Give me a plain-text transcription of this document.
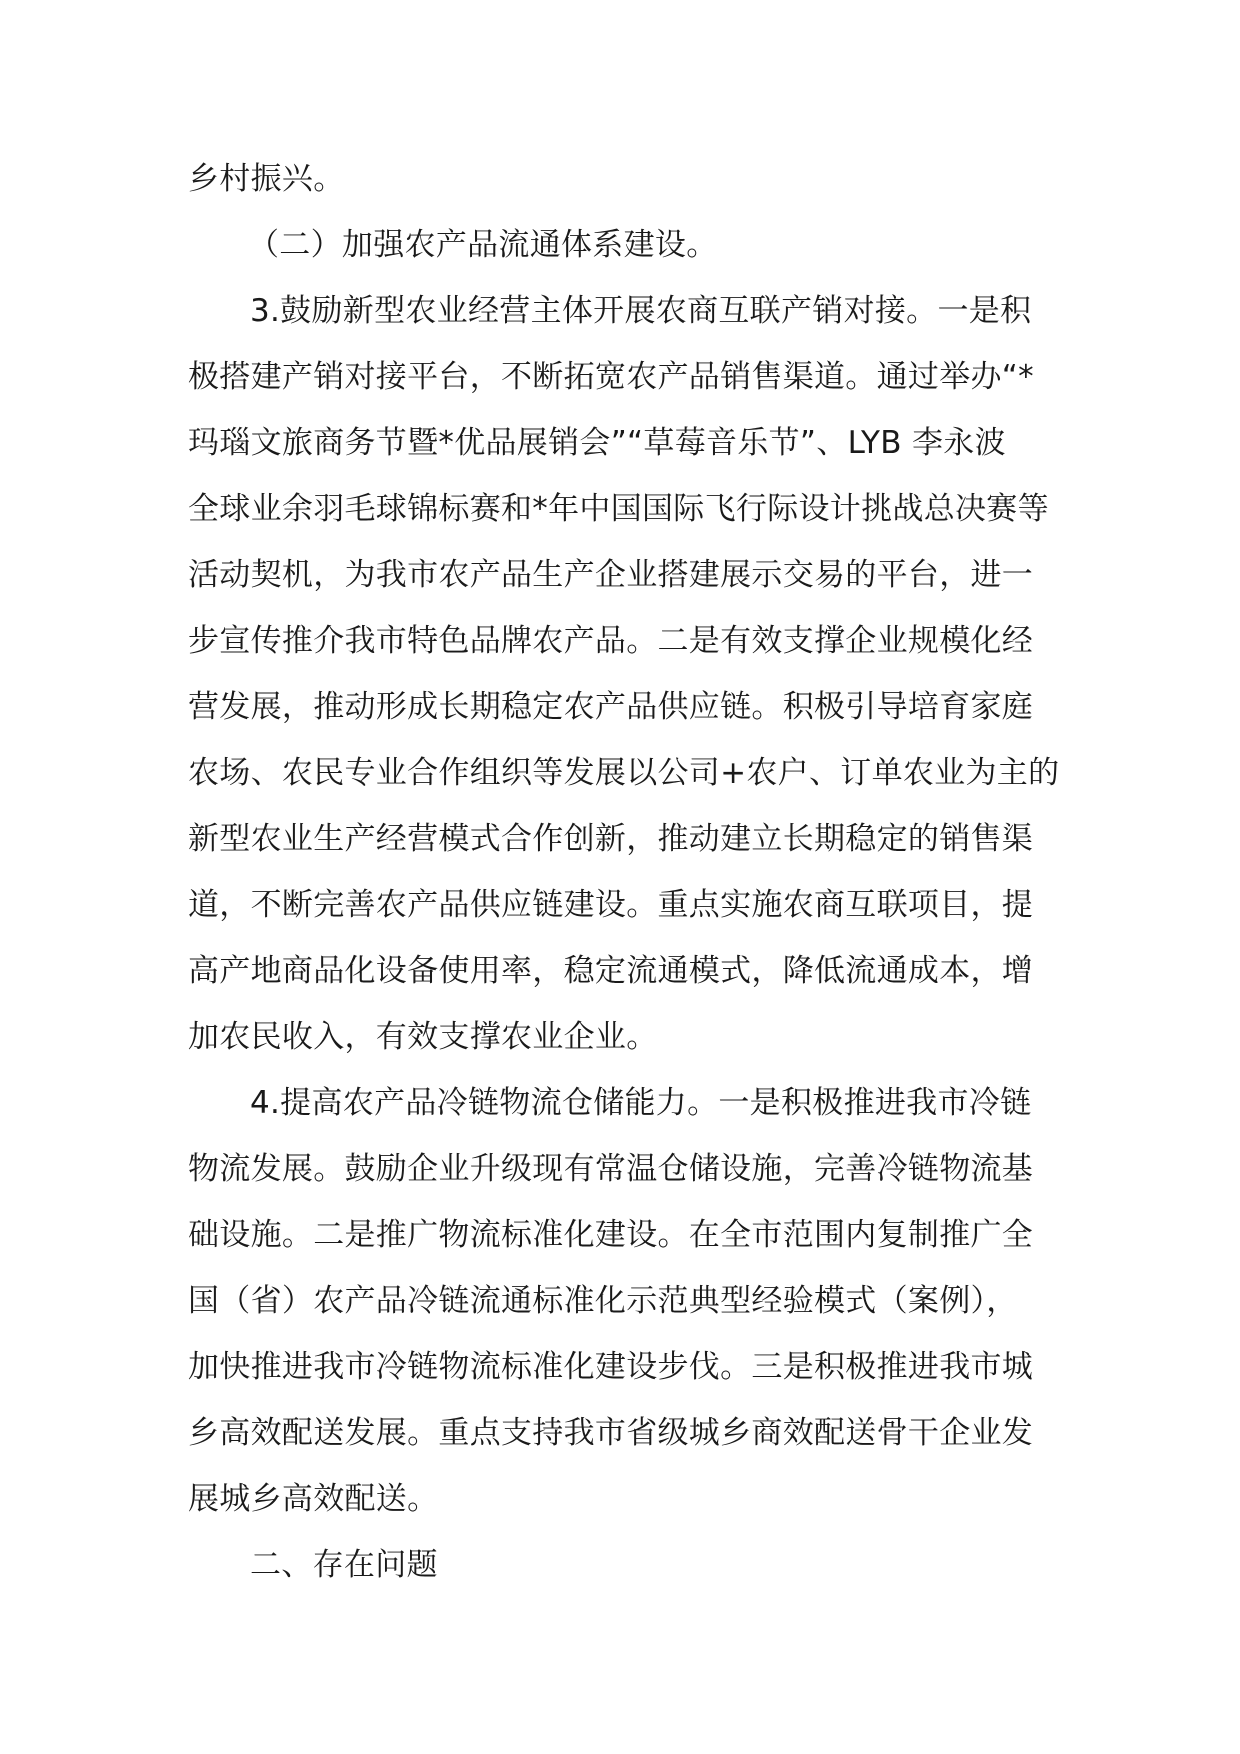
乡村振兴。
（二）加强农产品流通体系建设。
3.鼓励新型农业经营主体开展农商互联产销对接。一是积
极搭建产销对接平台，不断拓宽农产品销售渠道。通过举办“*
玛瑙文旅商务节暨*优品展销会”“草莓音乐节”、LYB 李永波
全球业余羽毛球锦标赛和*年中国国际飞行际设计挑战总决赛等
活动契机，为我市农产品生产企业搭建展示交易的平台，进一
步宣传推介我市特色品牌农产品。二是有效支撑企业规模化经
营发展，推动形成长期稳定农产品供应链。积极引导培育家庭
农场、农民专业合作组织等发展以公司+农户、订单农业为主的
新型农业生产经营模式合作创新，推动建立长期稳定的销售渠
道，不断完善农产品供应链建设。重点实施农商互联项目，提
高产地商品化设备使用率，稳定流通模式，降低流通成本，增
加农民收入，有效支撑农业企业。
4.提高农产品冷链物流仓储能力。一是积极推进我市冷链
物流发展。鼓励企业升级现有常温仓储设施，完善冷链物流基
础设施。二是推广物流标准化建设。在全市范围内复制推广全
国（省）农产品冷链流通标准化示范典型经验模式（案例），
加快推进我市冷链物流标准化建设步伐。三是积极推进我市城
乡高效配送发展。重点支持我市省级城乡商效配送骨干企业发
展城乡高效配送。
二、存在问题
